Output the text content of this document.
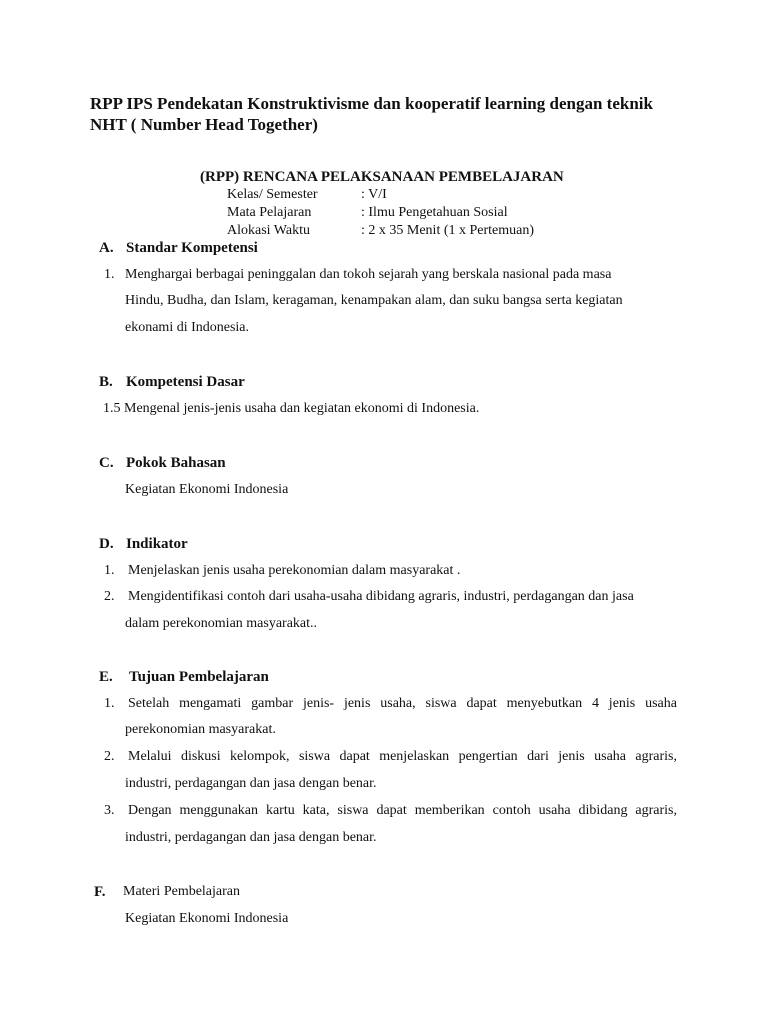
RPP IPS Pendekatan Konstruktivisme dan kooperatif learning dengan teknik
NHT ( Number Head Together)
(RPP) RENCANA PELAKSANAAN PEMBELAJARAN
Kelas/ Semester	: V/I
Mata Pelajaran	: Ilmu Pengetahuan Sosial
Alokasi Waktu	: 2 x 35 Menit (1 x Pertemuan)
A. Standar Kompetensi
1. Menghargai berbagai peninggalan dan tokoh sejarah yang berskala nasional pada masa
Hindu, Budha, dan Islam, keragaman, kenampakan alam, dan suku bangsa serta kegiatan
ekonami di Indonesia.
B. Kompetensi Dasar
1.5 Mengenal jenis-jenis usaha dan kegiatan ekonomi di Indonesia.
C. Pokok Bahasan
Kegiatan Ekonomi Indonesia
D. Indikator
1. Menjelaskan jenis usaha perekonomian dalam masyarakat .
2. Mengidentifikasi contoh dari usaha-usaha dibidang agraris, industri, perdagangan dan jasa
dalam perekonomian masyarakat..
E. Tujuan Pembelajaran
1. Setelah mengamati gambar jenis- jenis usaha, siswa dapat menyebutkan 4 jenis usaha
perekonomian masyarakat.
2. Melalui diskusi kelompok, siswa dapat menjelaskan pengertian dari jenis usaha agraris,
industri, perdagangan dan jasa dengan benar.
3. Dengan menggunakan kartu kata, siswa dapat memberikan contoh usaha dibidang agraris,
industri, perdagangan dan jasa dengan benar.
F. Materi Pembelajaran
Kegiatan Ekonomi Indonesia
